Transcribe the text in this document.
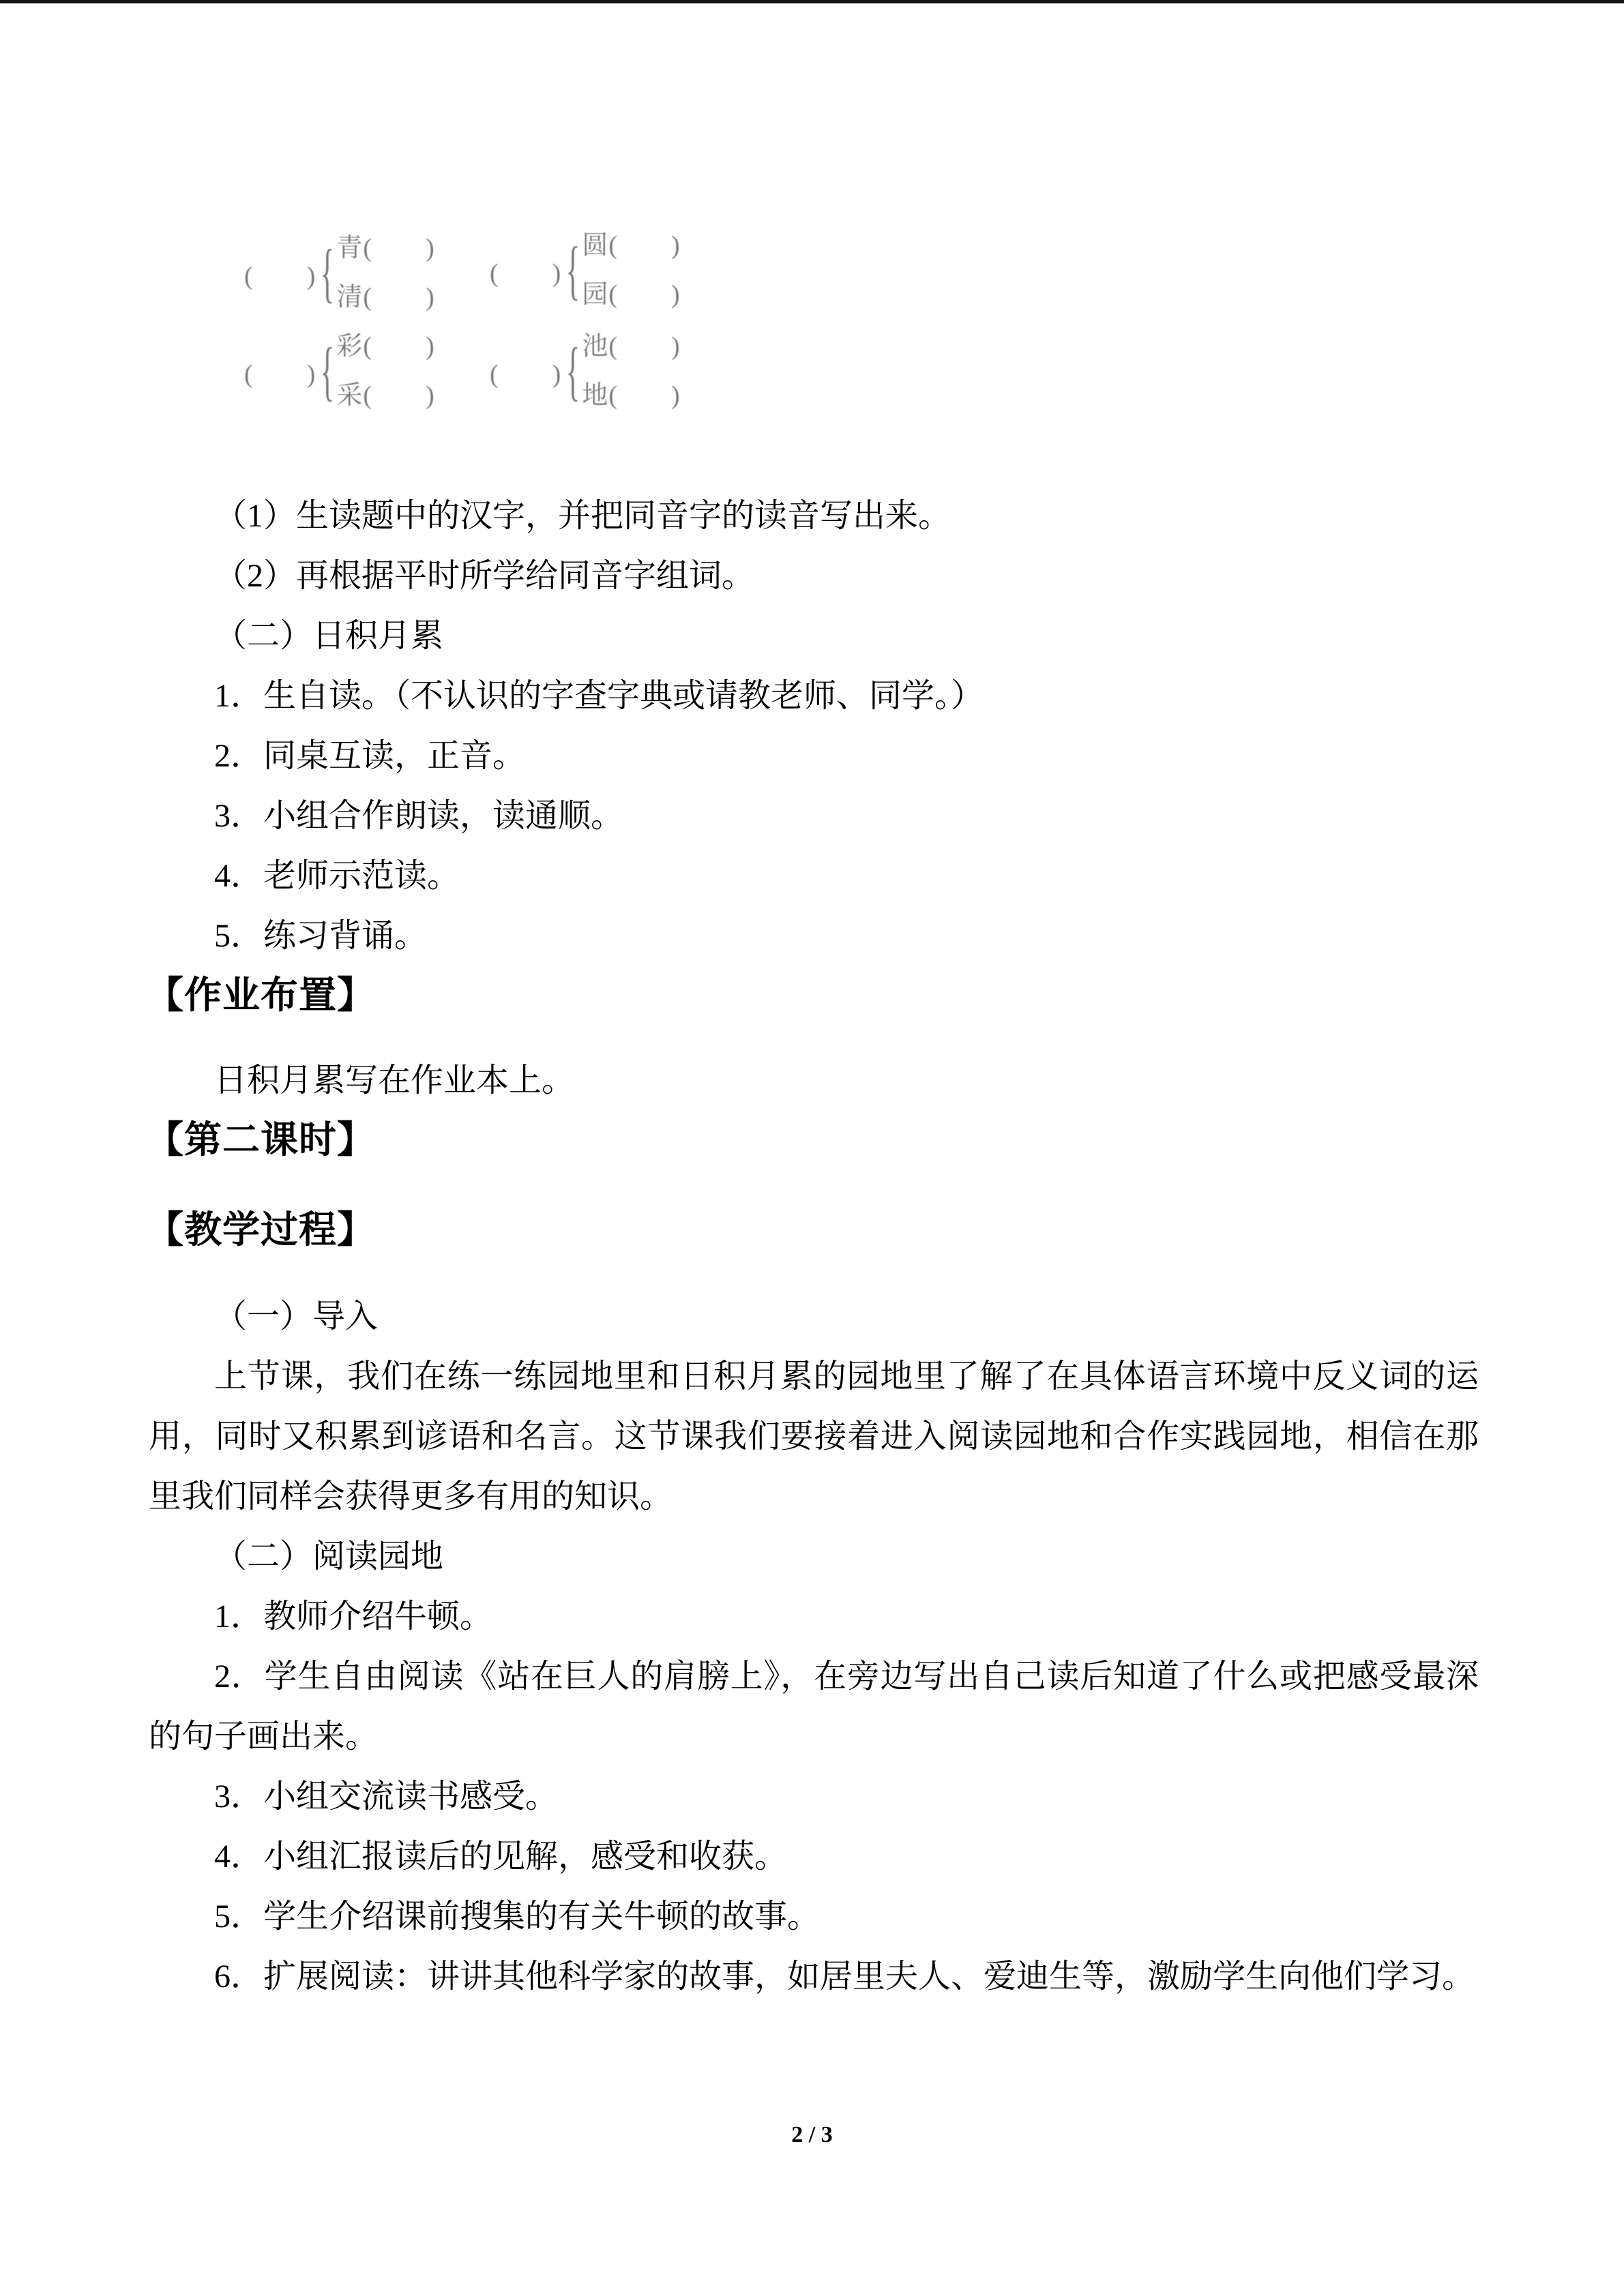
(　　) { 青(　　)
清(　　)
(　　) { 圆(　　)
园(　　)
(　　) { 彩(　　)
采(　　)
(　　) { 池(　　)
地(　　)
（1）生读题中的汉字，并把同音字的读音写出来。
（2）再根据平时所学给同音字组词。
（二）日积月累
1．生自读。（不认识的字查字典或请教老师、同学。）
2．同桌互读，正音。
3．小组合作朗读，读通顺。
4．老师示范读。
5．练习背诵。
【作业布置】
日积月累写在作业本上。
【第二课时】
【教学过程】
（一）导入
上节课，我们在练一练园地里和日积月累的园地里了解了在具体语言环境中反义词的运
用，同时又积累到谚语和名言。这节课我们要接着进入阅读园地和合作实践园地，相信在那
里我们同样会获得更多有用的知识。
（二）阅读园地
1．教师介绍牛顿。
2．学生自由阅读《站在巨人的肩膀上》，在旁边写出自己读后知道了什么或把感受最深
的句子画出来。
3．小组交流读书感受。
4．小组汇报读后的见解，感受和收获。
5．学生介绍课前搜集的有关牛顿的故事。
6．扩展阅读：讲讲其他科学家的故事，如居里夫人、爱迪生等，激励学生向他们学习。
2 / 3
